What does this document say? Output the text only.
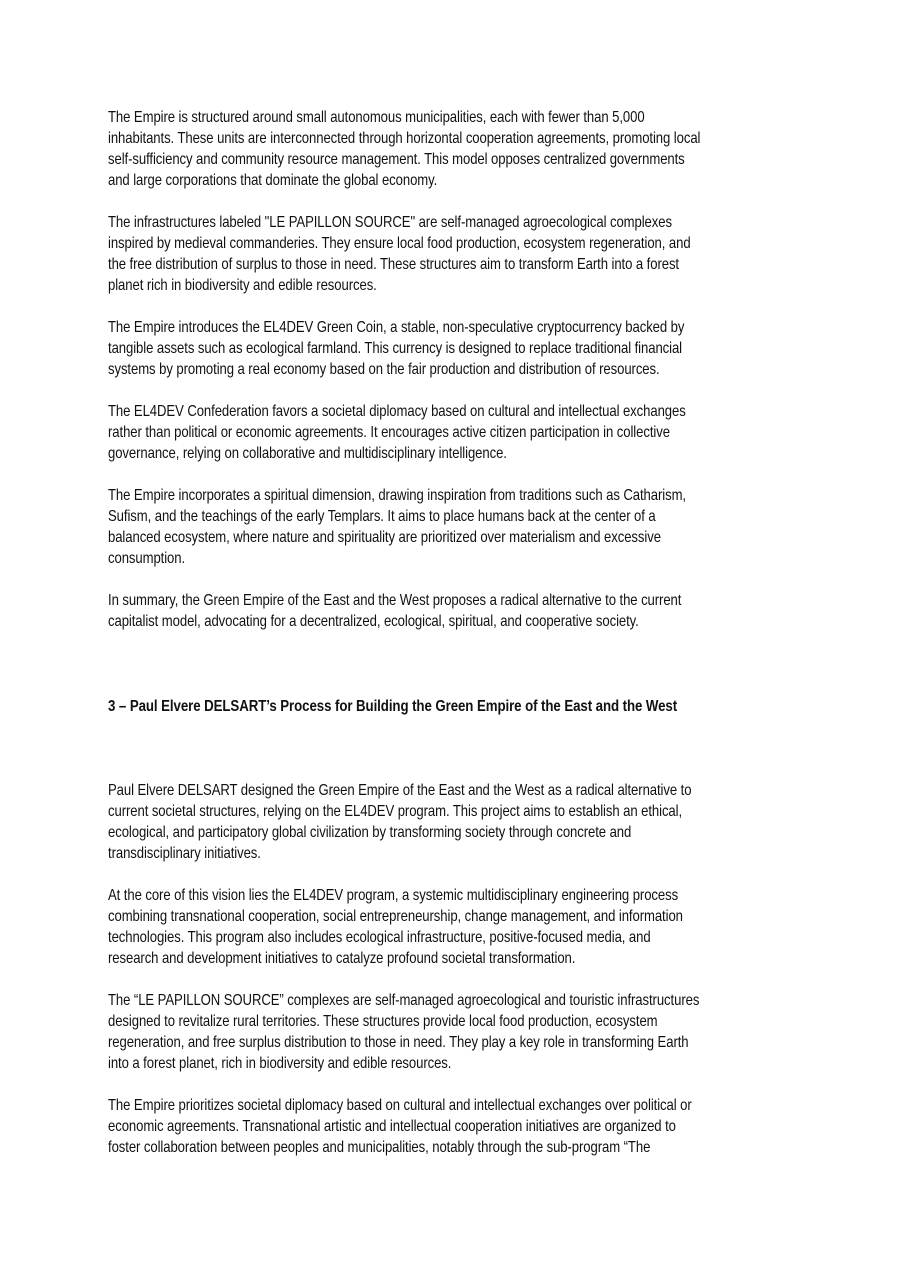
The Empire is structured around small autonomous municipalities, each with fewer than 5,000
inhabitants. These units are interconnected through horizontal cooperation agreements, promoting local
self-sufficiency and community resource management. This model opposes centralized governments
and large corporations that dominate the global economy.
The infrastructures labeled "LE PAPILLON SOURCE" are self-managed agroecological complexes
inspired by medieval commanderies. They ensure local food production, ecosystem regeneration, and
the free distribution of surplus to those in need. These structures aim to transform Earth into a forest
planet rich in biodiversity and edible resources.
The Empire introduces the EL4DEV Green Coin, a stable, non-speculative cryptocurrency backed by
tangible assets such as ecological farmland. This currency is designed to replace traditional financial
systems by promoting a real economy based on the fair production and distribution of resources.
The EL4DEV Confederation favors a societal diplomacy based on cultural and intellectual exchanges
rather than political or economic agreements. It encourages active citizen participation in collective
governance, relying on collaborative and multidisciplinary intelligence.
The Empire incorporates a spiritual dimension, drawing inspiration from traditions such as Catharism,
Sufism, and the teachings of the early Templars. It aims to place humans back at the center of a
balanced ecosystem, where nature and spirituality are prioritized over materialism and excessive
consumption.
In summary, the Green Empire of the East and the West proposes a radical alternative to the current
capitalist model, advocating for a decentralized, ecological, spiritual, and cooperative society.
3 – Paul Elvere DELSART’s Process for Building the Green Empire of the East and the West
Paul Elvere DELSART designed the Green Empire of the East and the West as a radical alternative to
current societal structures, relying on the EL4DEV program. This project aims to establish an ethical,
ecological, and participatory global civilization by transforming society through concrete and
transdisciplinary initiatives.
At the core of this vision lies the EL4DEV program, a systemic multidisciplinary engineering process
combining transnational cooperation, social entrepreneurship, change management, and information
technologies. This program also includes ecological infrastructure, positive-focused media, and
research and development initiatives to catalyze profound societal transformation.
The “LE PAPILLON SOURCE” complexes are self-managed agroecological and touristic infrastructures
designed to revitalize rural territories. These structures provide local food production, ecosystem
regeneration, and free surplus distribution to those in need. They play a key role in transforming Earth
into a forest planet, rich in biodiversity and edible resources.
The Empire prioritizes societal diplomacy based on cultural and intellectual exchanges over political or
economic agreements. Transnational artistic and intellectual cooperation initiatives are organized to
foster collaboration between peoples and municipalities, notably through the sub-program “The
